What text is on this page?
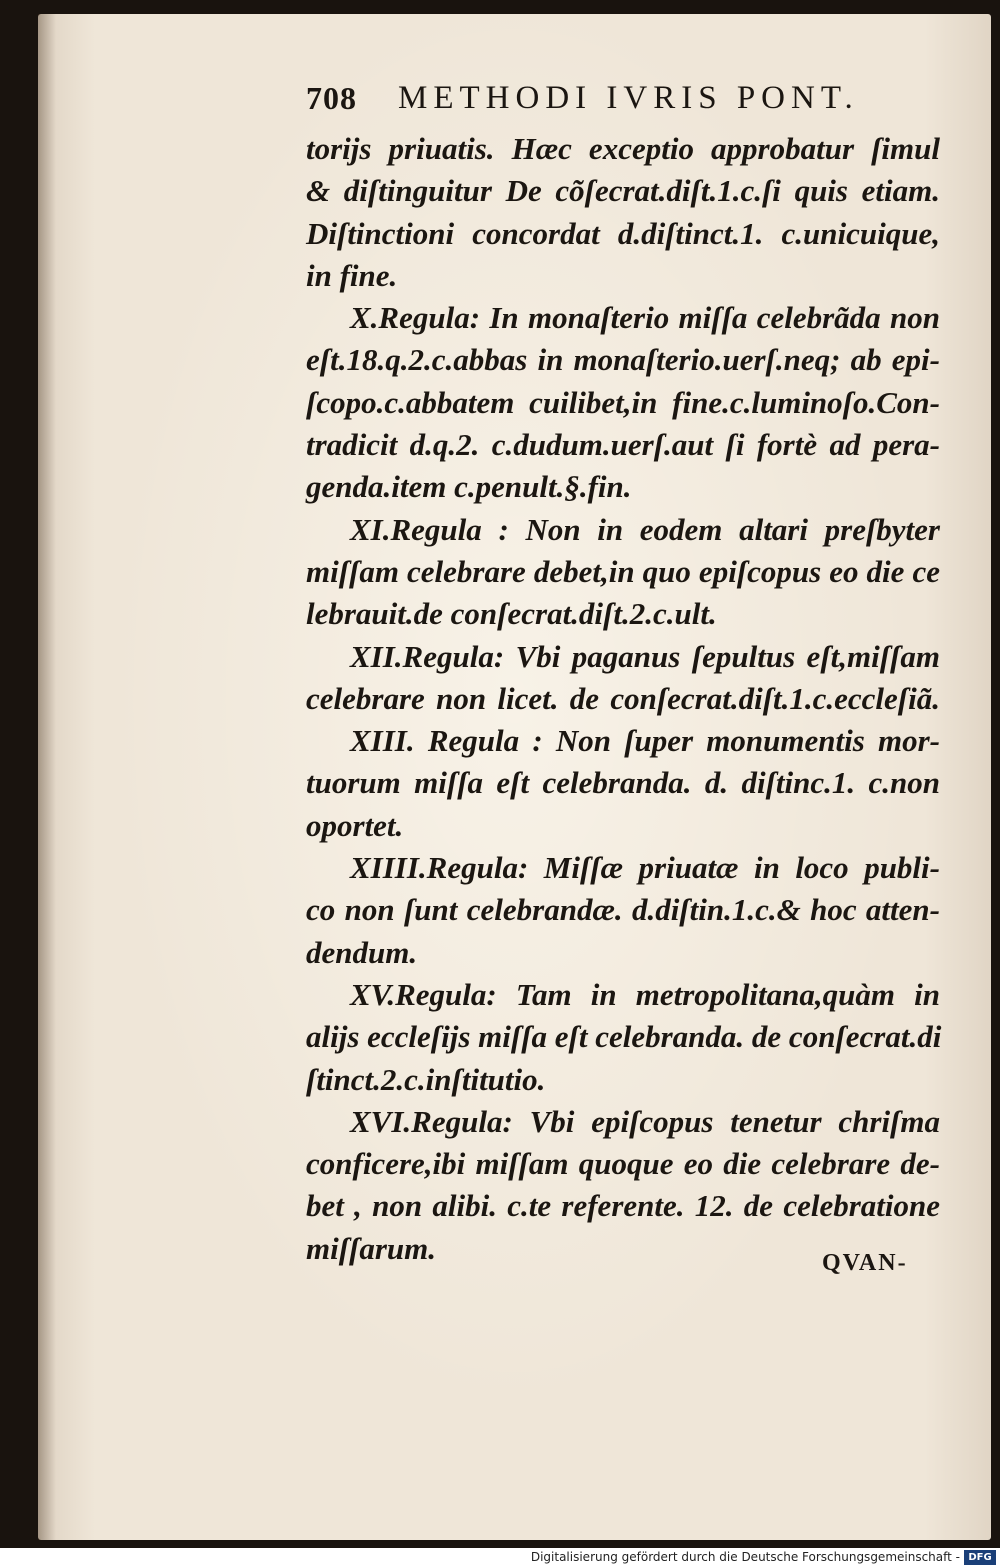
708 METHODI IVRIS PONT.
torijs priuatis. Hæc exceptio approbatur ſimul
& diſtinguitur De cõſecrat.diſt.1.c.ſi quis etiam.
Diſtinctioni concordat d.diſtinct.1. c.unicuique,
in fine.
X.Regula: In monaſterio miſſa celebrãda non
eſt.18.q.2.c.abbas in monaſterio.uerſ.neq; ab epi-
ſcopo.c.abbatem cuilibet,in fine.c.luminoſo.Con-
tradicit d.q.2. c.dudum.uerſ.aut ſi fortè ad pera-
genda.item c.penult.§.fin.
XI.Regula : Non in eodem altari preſbyter
miſſam celebrare debet,in quo epiſcopus eo die ce
lebrauit.de conſecrat.diſt.2.c.ult.
XII.Regula: Vbi paganus ſepultus eſt,miſſam
celebrare non licet. de conſecrat.diſt.1.c.eccleſiã.
XIII. Regula : Non ſuper monumentis mor-
tuorum miſſa eſt celebranda. d. diſtinc.1. c.non
oportet.
XIIII.Regula: Miſſæ priuatæ in loco publi-
co non ſunt celebrandæ. d.diſtin.1.c.& hoc atten-
dendum.
XV.Regula: Tam in metropolitana,quàm in
alijs eccleſijs miſſa eſt celebranda. de conſecrat.di
ſtinct.2.c.inſtitutio.
XVI.Regula: Vbi epiſcopus tenetur chriſma
conficere,ibi miſſam quoque eo die celebrare de-
bet , non alibi. c.te referente. 12. de celebratione
miſſarum.	QVAN-
Digitalisierung gefördert durch die Deutsche Forschungsgemeinschaft - DFG
